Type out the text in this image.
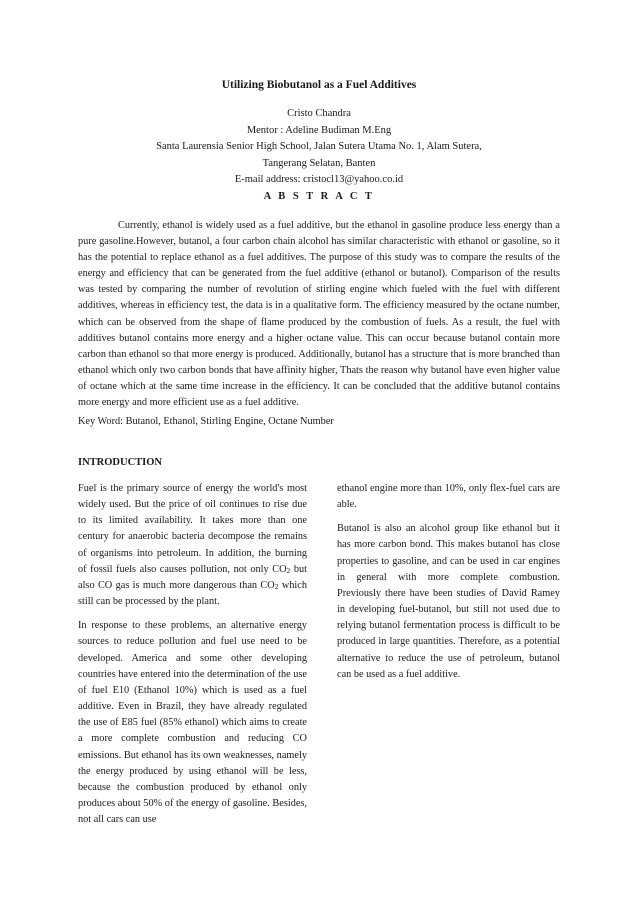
Utilizing Biobutanol as a Fuel Additives
Cristo Chandra
Mentor : Adeline Budiman M.Eng
Santa Laurensia Senior High School, Jalan Sutera Utama No. 1, Alam Sutera,
Tangerang Selatan, Banten
E-mail address: cristocl13@yahoo.co.id
A B S T R A C T

Currently, ethanol is widely used as a fuel additive, but the ethanol in gasoline produce less energy than a pure gasoline.However, butanol, a four carbon chain alcohol has similar characteristic with ethanol or gasoline, so it has the potential to replace ethanol as a fuel additives. The purpose of this study was to compare the results of the energy and efficiency that can be generated from the fuel additive (ethanol or butanol). Comparison of the results was tested by comparing the number of revolution of stirling engine which fueled with the fuel with different additives, whereas in efficiency test, the data is in a qualitative form. The efficiency measured by the octane number, which can be observed from the shape of flame produced by the combustion of fuels. As a result, the fuel with additives butanol contains more energy and a higher octane value. This can occur because butanol contain more carbon than ethanol so that more energy is produced. Additionally, butanol has a structure that is more branched than ethanol which only two carbon bonds that have affinity higher, Thats the reason why butanol have even higher value of octane which at the same time increase in the efficiency. It can be concluded that the additive butanol contains more energy and more efficient use as a fuel additive.

Key Word: Butanol, Ethanol, Stirling Engine, Octane Number

INTRODUCTION

Fuel is the primary source of energy the world's most widely used. But the price of oil continues to rise due to its limited availability. It takes more than one century for anaerobic bacteria decompose the remains of organisms into petroleum. In addition, the burning of fossil fuels also causes pollution, not only $CO_2$ but also CO gas is much more dangerous than $CO_2$ which still can be processed by the plant.

In response to these problems, an alternative energy sources to reduce pollution and fuel use need to be developed. America and some other developing countries have entered into the determination of the use of fuel E10 (Ethanol 10%) which is used as a fuel additive. Even in Brazil, they have already regulated the use of E85 fuel (85% ethanol) which aims to create a more complete combustion and reducing CO emissions. But ethanol has its own weaknesses, namely the energy produced by using ethanol will be less, because the combustion produced by ethanol only produces about 50% of the energy of gasoline. Besides, not all cars can use

ethanol engine more than 10%, only flex-fuel cars are able.

Butanol is also an alcohol group like ethanol but it has more carbon bond. This makes butanol has close properties to gasoline, and can be used in car engines in general with more complete combustion. Previously there have been studies of David Ramey in developing fuel-butanol, but still not used due to relying butanol fermentation process is difficult to be produced in large quantities. Therefore, as a potential alternative to reduce the use of petroleum, butanol can be used as a fuel additive.
